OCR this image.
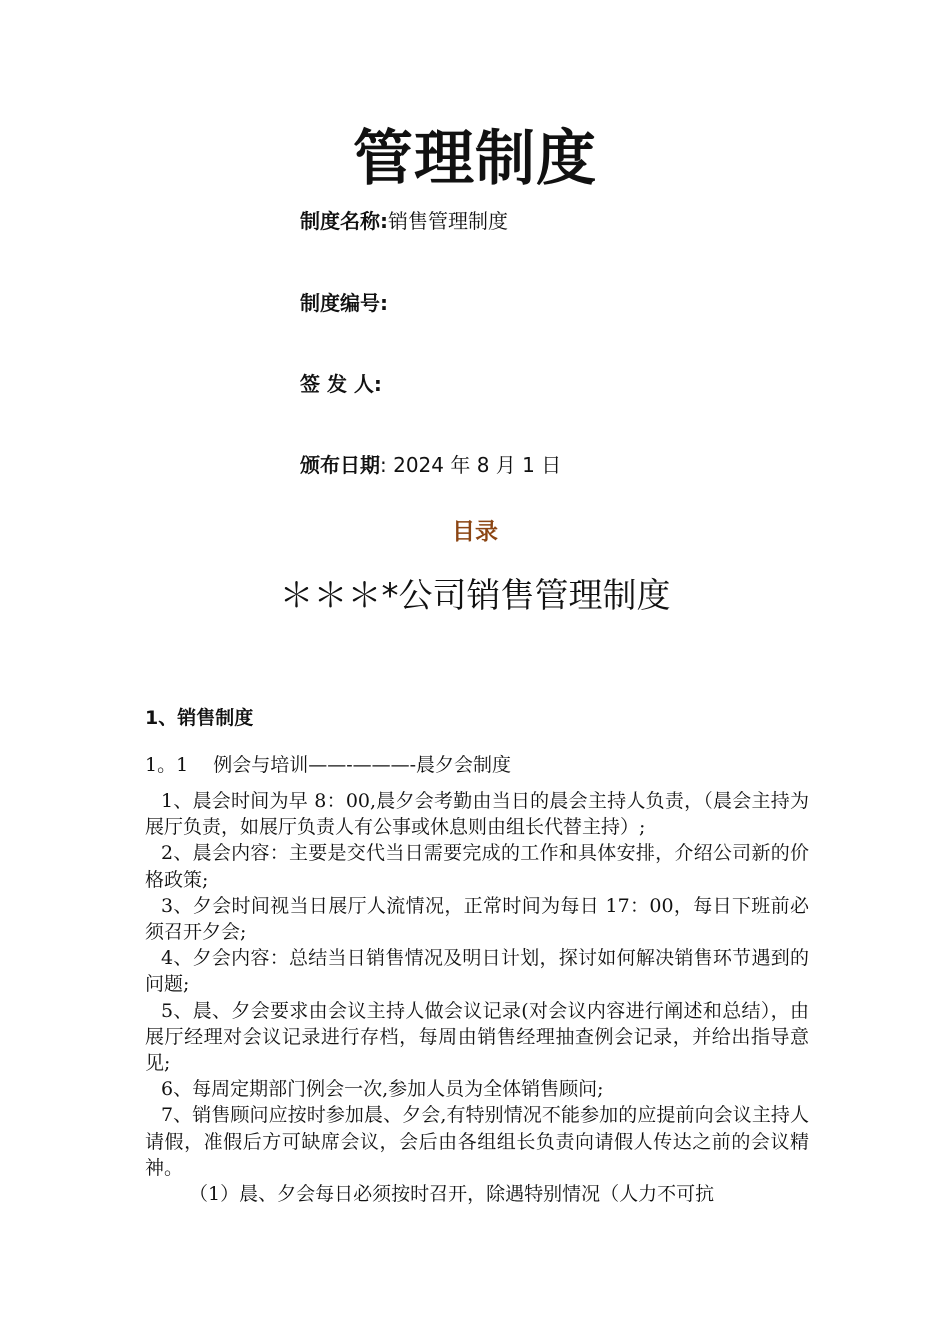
管理制度
制度名称:销售管理制度
制度编号:
签 发 人:
颁布日期: 2024 年 8 月 1 日
目录
＊＊＊*公司销售管理制度
1、销售制度
1。1　 例会与培训——-———-晨夕会制度

1、晨会时间为早 8：00,晨夕会考勤由当日的晨会主持人负责，（晨会主持为展厅负责，如展厅负责人有公事或休息则由组长代替主持）;

2、晨会内容：主要是交代当日需要完成的工作和具体安排，介绍公司新的价格政策;

3、夕会时间视当日展厅人流情况，正常时间为每日 17：00，每日下班前必须召开夕会;

4、夕会内容：总结当日销售情况及明日计划，探讨如何解决销售环节遇到的问题;

5、晨、夕会要求由会议主持人做会议记录(对会议内容进行阐述和总结），由展厅经理对会议记录进行存档，每周由销售经理抽查例会记录，并给出指导意见;

6、每周定期部门例会一次,参加人员为全体销售顾问;

7、销售顾问应按时参加晨、夕会,有特别情况不能参加的应提前向会议主持人请假，准假后方可缺席会议，会后由各组组长负责向请假人传达之前的会议精神。

（1）晨、夕会每日必须按时召开，除遇特别情况（人力不可抗
